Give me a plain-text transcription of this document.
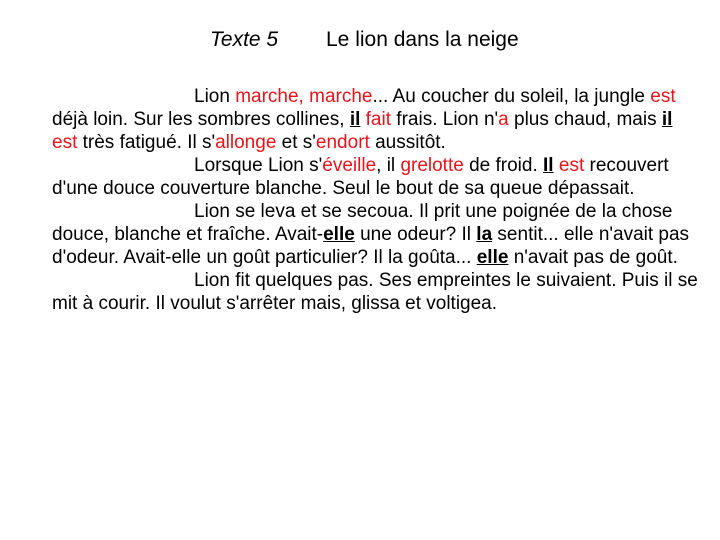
Texte 5 Le lion dans la neige

Lion marche, marche... Au coucher du soleil, la jungle est déjà loin. Sur les sombres collines, il fait frais. Lion n'a plus chaud, mais il est très fatigué. Il s'allonge et s'endort aussitôt.

Lorsque Lion s'éveille, il grelotte de froid. Il est recouvert d'une douce couverture blanche. Seul le bout de sa queue dépassait.

Lion se leva et se secoua. Il prit une poignée de la chose douce, blanche et fraîche. Avait-elle une odeur? Il la sentit... elle n'avait pas d'odeur. Avait-elle un goût particulier? Il la goûta... elle n'avait pas de goût.

Lion fit quelques pas. Ses empreintes le suivaient. Puis il se mit à courir. Il voulut s'arrêter mais, glissa et voltigea.
